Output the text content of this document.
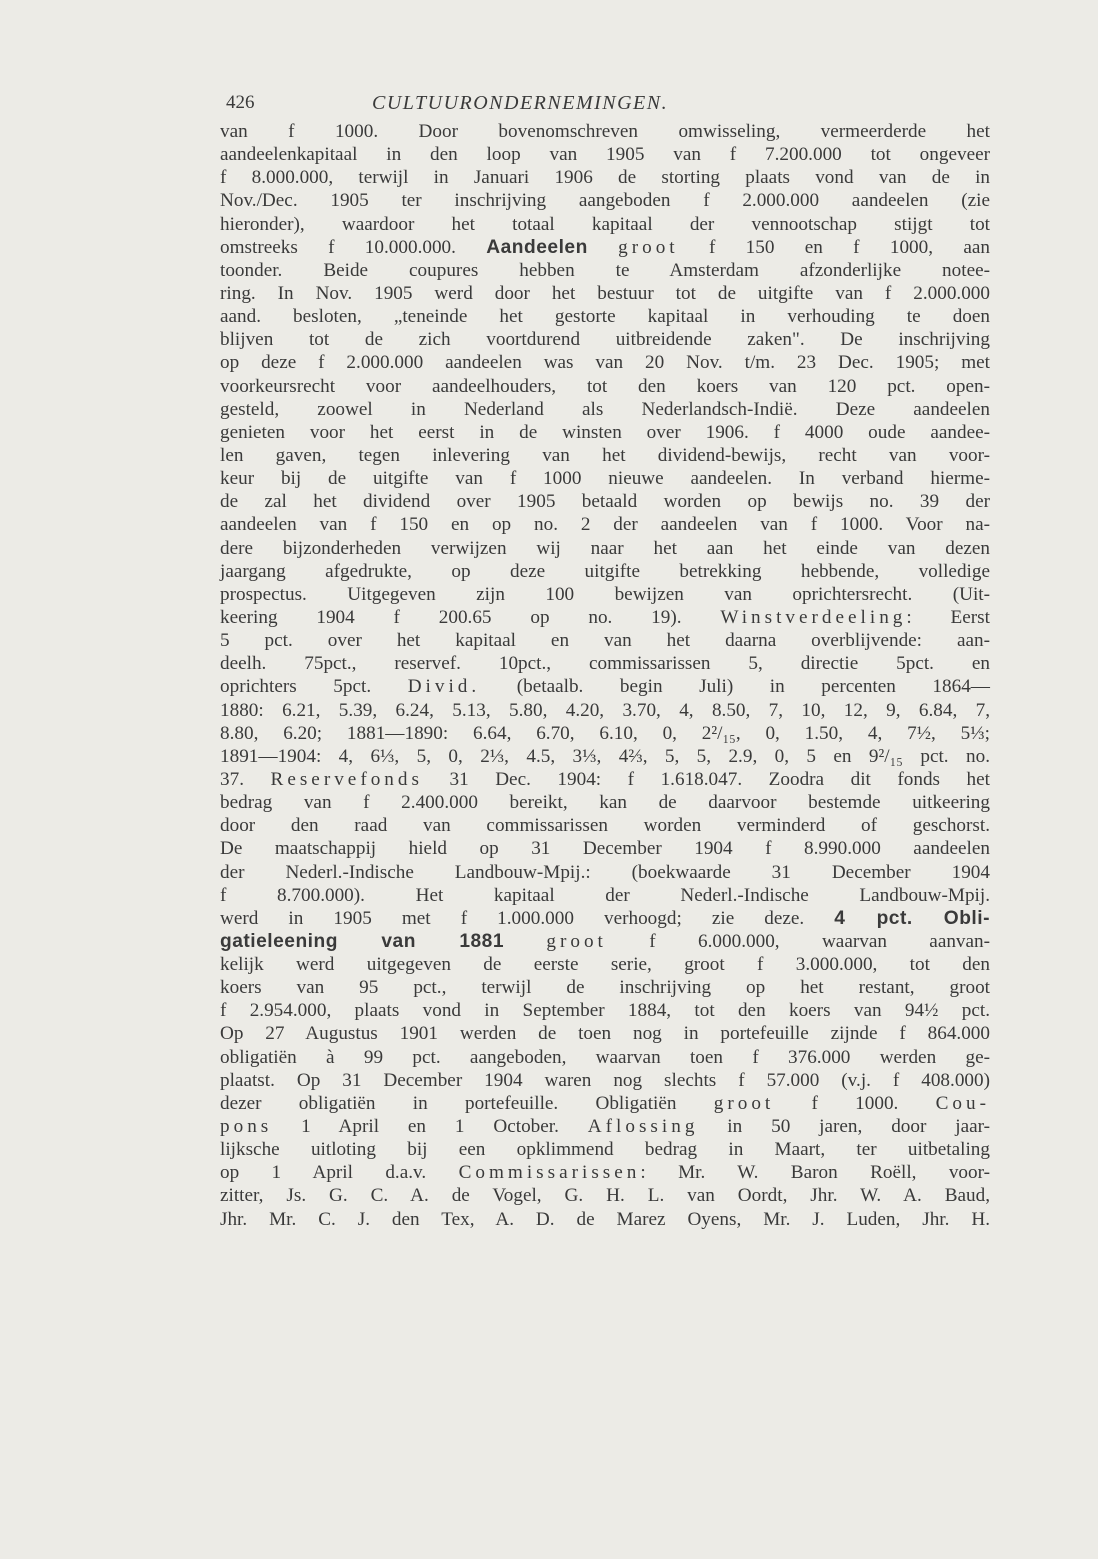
426	CULTUURONDERNEMINGEN.
van f 1000. Door bovenomschreven omwisseling, vermeerderde het
aandeelenkapitaal in den loop van 1905 van f 7.200.000 tot ongeveer
f 8.000.000, terwijl in Januari 1906 de storting plaats vond van de in
Nov./Dec. 1905 ter inschrijving aangeboden f 2.000.000 aandeelen (zie
hieronder), waardoor het totaal kapitaal der vennootschap stijgt tot
omstreeks f 10.000.000. Aandeelen groot f 150 en f 1000, aan
toonder. Beide coupures hebben te Amsterdam afzonderlijke notee-
ring. In Nov. 1905 werd door het bestuur tot de uitgifte van f 2.000.000
aand. besloten, „teneinde het gestorte kapitaal in verhouding te doen
blijven tot de zich voortdurend uitbreidende zaken". De inschrijving
op deze f 2.000.000 aandeelen was van 20 Nov. t/m. 23 Dec. 1905; met
voorkeursrecht voor aandeelhouders, tot den koers van 120 pct. open-
gesteld, zoowel in Nederland als Nederlandsch-Indië. Deze aandeelen
genieten voor het eerst in de winsten over 1906. f 4000 oude aandee-
len gaven, tegen inlevering van het dividend-bewijs, recht van voor-
keur bij de uitgifte van f 1000 nieuwe aandeelen. In verband hierme-
de zal het dividend over 1905 betaald worden op bewijs no. 39 der
aandeelen van f 150 en op no. 2 der aandeelen van f 1000. Voor na-
dere bijzonderheden verwijzen wij naar het aan het einde van dezen
jaargang afgedrukte, op deze uitgifte betrekking hebbende, volledige
prospectus. Uitgegeven zijn 100 bewijzen van oprichtersrecht. (Uit-
keering 1904 f 200.65 op no. 19). Winstverdeeling: Eerst
5 pct. over het kapitaal en van het daarna overblijvende: aan-
deelh. 75pct., reservef. 10pct., commissarissen 5, directie 5pct. en
oprichters 5pct. Divid. (betaalb. begin Juli) in percenten 1864—
1880: 6.21, 5.39, 6.24, 5.13, 5.80, 4.20, 3.70, 4, 8.50, 7, 10, 12, 9, 6.84, 7,
8.80, 6.20; 1881—1890: 6.64, 6.70, 6.10, 0, 2²/₁₅, 0, 1.50, 4, 7½, 5⅓;
1891—1904: 4, 6⅓, 5, 0, 2⅓, 4.5, 3⅓, 4⅔, 5, 5, 2.9, 0, 5 en 9²/₁₅ pct. no.
37. Reservefonds 31 Dec. 1904: f 1.618.047. Zoodra dit fonds het
bedrag van f 2.400.000 bereikt, kan de daarvoor bestemde uitkeering
door den raad van commissarissen worden verminderd of geschorst.
De maatschappij hield op 31 December 1904 f 8.990.000 aandeelen
der Nederl.-Indische Landbouw-Mpij.: (boekwaarde 31 December 1904
f 8.700.000). Het kapitaal der Nederl.-Indische Landbouw-Mpij.
werd in 1905 met f 1.000.000 verhoogd; zie deze. 4 pct. Obli-
gatieleening van 1881 groot f 6.000.000, waarvan aanvan-
kelijk werd uitgegeven de eerste serie, groot f 3.000.000, tot den
koers van 95 pct., terwijl de inschrijving op het restant, groot
f 2.954.000, plaats vond in September 1884, tot den koers van 94½ pct.
Op 27 Augustus 1901 werden de toen nog in portefeuille zijnde f 864.000
obligatiën à 99 pct. aangeboden, waarvan toen f 376.000 werden ge-
plaatst. Op 31 December 1904 waren nog slechts f 57.000 (v.j. f 408.000)
dezer obligatiën in portefeuille. Obligatiën groot f 1000. Cou-
pons 1 April en 1 October. Aflossing in 50 jaren, door jaar-
lijksche uitloting bij een opklimmend bedrag in Maart, ter uitbetaling
op 1 April d.a.v. Commissarissen: Mr. W. Baron Roëll, voor-
zitter, Js. G. C. A. de Vogel, G. H. L. van Oordt, Jhr. W. A. Baud,
Jhr. Mr. C. J. den Tex, A. D. de Marez Oyens, Mr. J. Luden, Jhr. H.
